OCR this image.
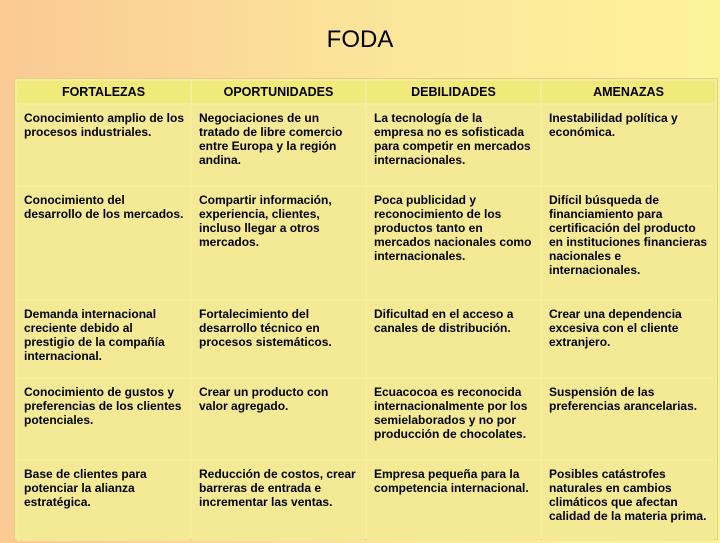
FODA
FORTALEZAS	OPORTUNIDADES	DEBILIDADES	AMENAZAS
Conocimiento amplio de los procesos industriales.	Negociaciones de un tratado de libre comercio entre Europa y la región andina.	La tecnología de la empresa no es sofisticada para competir en mercados internacionales.	Inestabilidad política y económica.
Conocimiento del desarrollo de los mercados.	Compartir información, experiencia, clientes, incluso llegar a otros mercados.	Poca publicidad y reconocimiento de los productos tanto en mercados nacionales como internacionales.	Difícil búsqueda de financiamiento para certificación del producto en instituciones financieras nacionales e internacionales.
Demanda internacional creciente debido al prestigio de la compañía internacional.	Fortalecimiento del desarrollo técnico en procesos sistemáticos.	Dificultad en el acceso a canales de distribución.	Crear una dependencia excesiva con el cliente extranjero.
Conocimiento de gustos y preferencias de los clientes potenciales.	Crear un producto con valor agregado.	Ecuacocoa es reconocida internacionalmente por los semielaborados y no por producción de chocolates.	Suspensión de las preferencias arancelarias.
Base de clientes para potenciar la alianza estratégica.	Reducción de costos, crear barreras de entrada e incrementar las ventas.	Empresa pequeña para la competencia internacional.	Posibles catástrofes naturales en cambios climáticos que afectan calidad de la materia prima.
